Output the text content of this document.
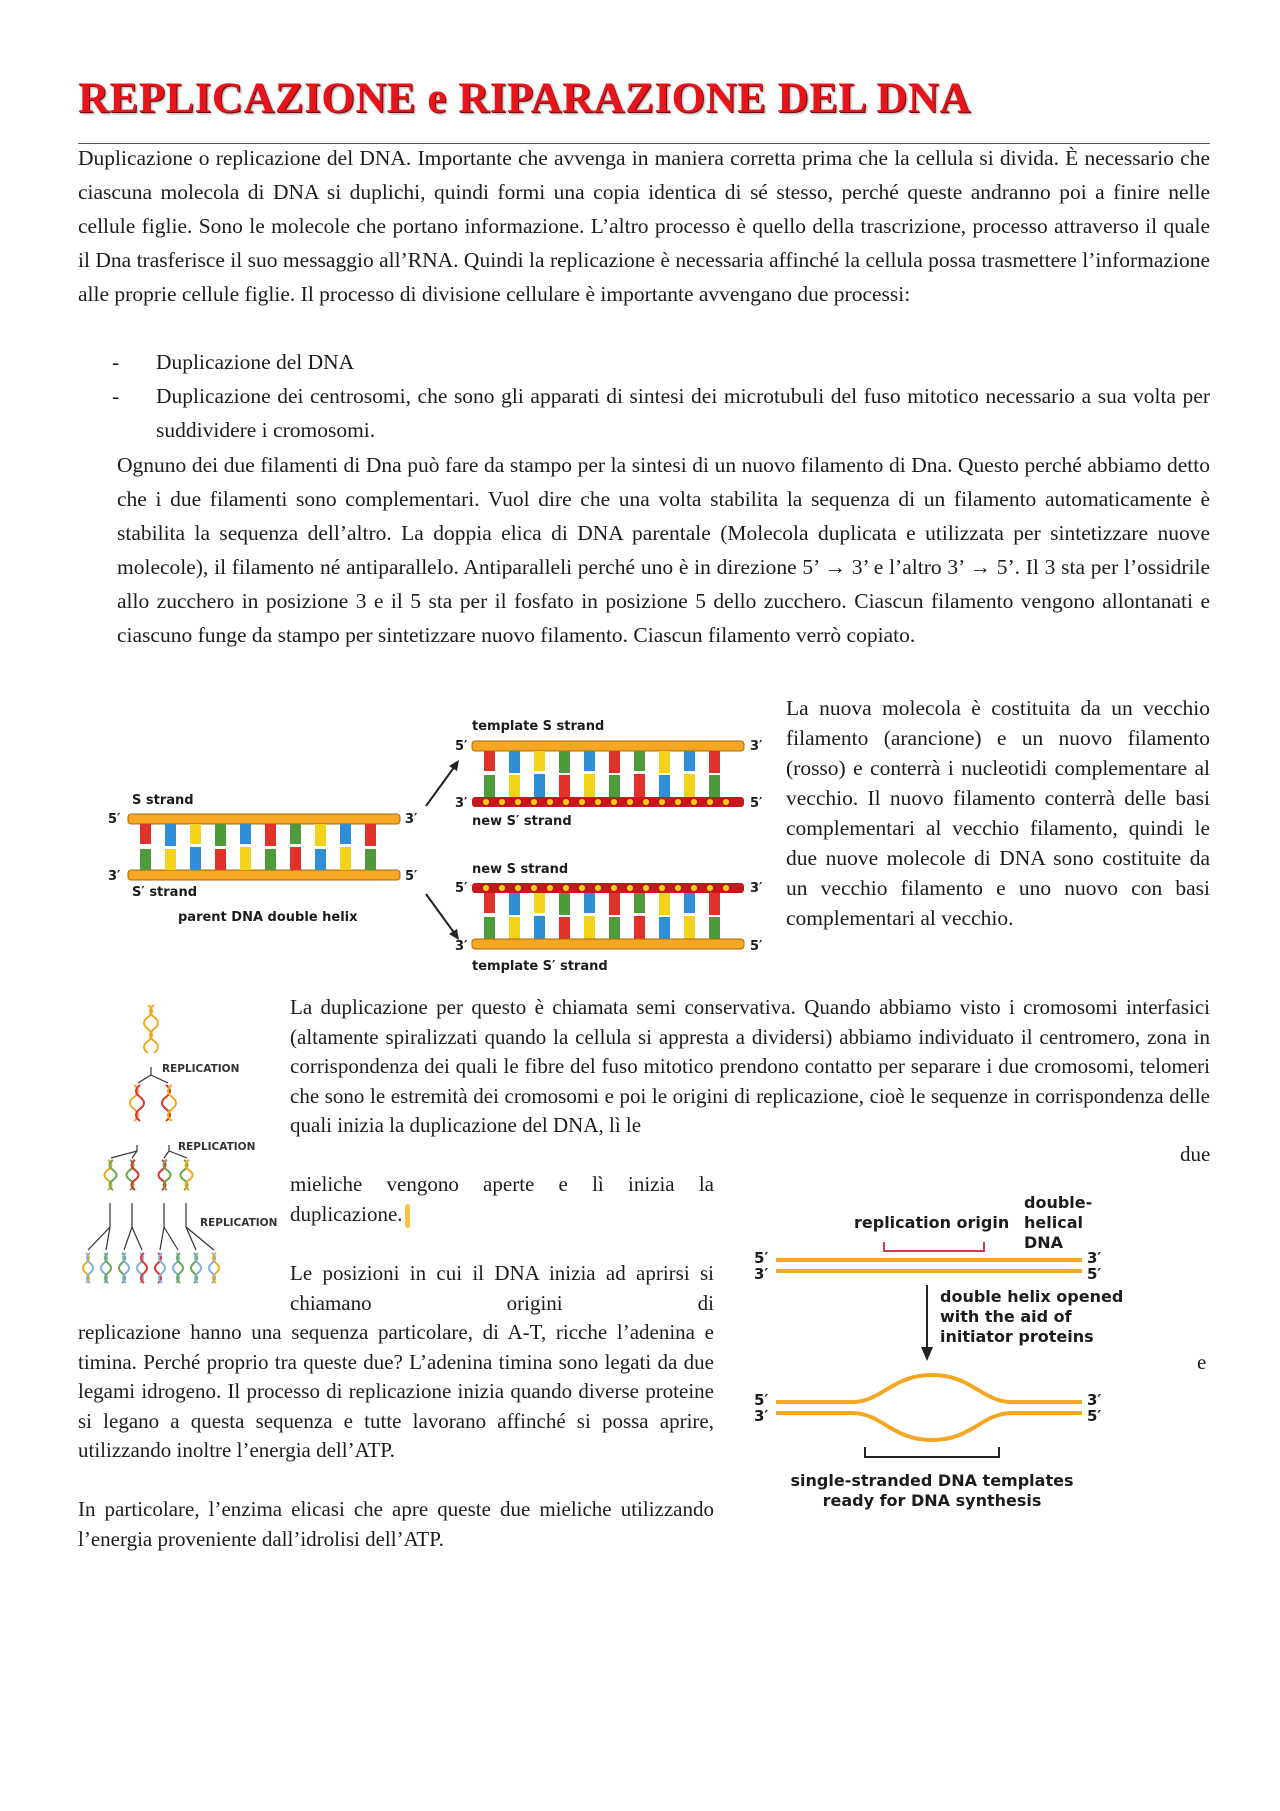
REPLICAZIONE e RIPARAZIONE DEL DNA

Duplicazione o replicazione del DNA. Importante che avvenga in maniera corretta prima che la cellula si divida. È necessario che ciascuna molecola di DNA si duplichi, quindi formi una copia identica di sé stesso, perché queste andranno poi a finire nelle cellule figlie. Sono le molecole che portano informazione. L’altro processo è quello della trascrizione, processo attraverso il quale il Dna trasferisce il suo messaggio all’RNA. Quindi la replicazione è necessaria affinché la cellula possa trasmettere l’informazione alle proprie cellule figlie. Il processo di divisione cellulare è importante avvengano due processi:

- Duplicazione del DNA
- Duplicazione dei centrosomi, che sono gli apparati di sintesi dei microtubuli del fuso mitotico necessario a sua volta per suddividere i cromosomi.

Ognuno dei due filamenti di Dna può fare da stampo per la sintesi di un nuovo filamento di Dna. Questo perché abbiamo detto che i due filamenti sono complementari. Vuol dire che una volta stabilita la sequenza di un filamento automaticamente è stabilita la sequenza dell’altro. La doppia elica di DNA parentale (Molecola duplicata e utilizzata per sintetizzare nuove molecole), il filamento né antiparallelo. Antiparalleli perché uno è in direzione 5’ → 3’ e l’altro 3’ → 5’. Il 3 sta per l’ossidrile allo zucchero in posizione 3 e il 5 sta per il fosfato in posizione 5 dello zucchero. Ciascun filamento vengono allontanati e ciascuno funge da stampo per sintetizzare nuovo filamento. Ciascun filamento verrò copiato.

S strand
5′	3′
3′	5′
S′ strand
parent DNA double helix
template S strand
5′	3′
3′	5′
new S′ strand
new S strand
5′	3′
3′	5′
template S′ strand

La nuova molecola è costituita da un vecchio filamento (arancione) e un nuovo filamento (rosso) e conterrà i nucleotidi complementare al vecchio. Il nuovo filamento conterrà delle basi complementari al vecchio filamento, quindi le due nuove molecole di DNA sono costituite da un vecchio filamento e uno nuovo con basi complementari al vecchio.

REPLICATION
REPLICATION
REPLICATION

La duplicazione per questo è chiamata semi conservativa. Quando abbiamo visto i cromosomi interfasici (altamente spiralizzati quando la cellula si appresta a dividersi) abbiamo individuato il centromero, zona in corrispondenza dei quali le fibre del fuso mitotico prendono contatto per separare i due cromosomi, telomeri che sono le estremità dei cromosomi e poi le origini di replicazione, cioè le sequenze in corrispondenza delle quali inizia la duplicazione del DNA, lì le

due

mieliche vengono aperte e lì inizia la duplicazione.

Le posizioni in cui il DNA inizia ad aprirsi si chiamano origini di

replicazione hanno una sequenza particolare, di A-T, ricche l’adenina e timina. Perché proprio tra queste due? L’adenina timina sono legati da due legami idrogeno. Il processo di replicazione inizia quando diverse proteine si legano a questa sequenza e tutte lavorano affinché si possa aprire, utilizzando inoltre l’energia dell’ATP.

e

In particolare, l’enzima elicasi che apre queste due mieliche utilizzando l’energia proveniente dall’idrolisi dell’ATP.

double-
helical
DNA
replication origin
5′
3′
3′
5′
double helix opened
with the aid of
initiator proteins
5′
3′
3′
5′
single-stranded DNA templates
ready for DNA synthesis
